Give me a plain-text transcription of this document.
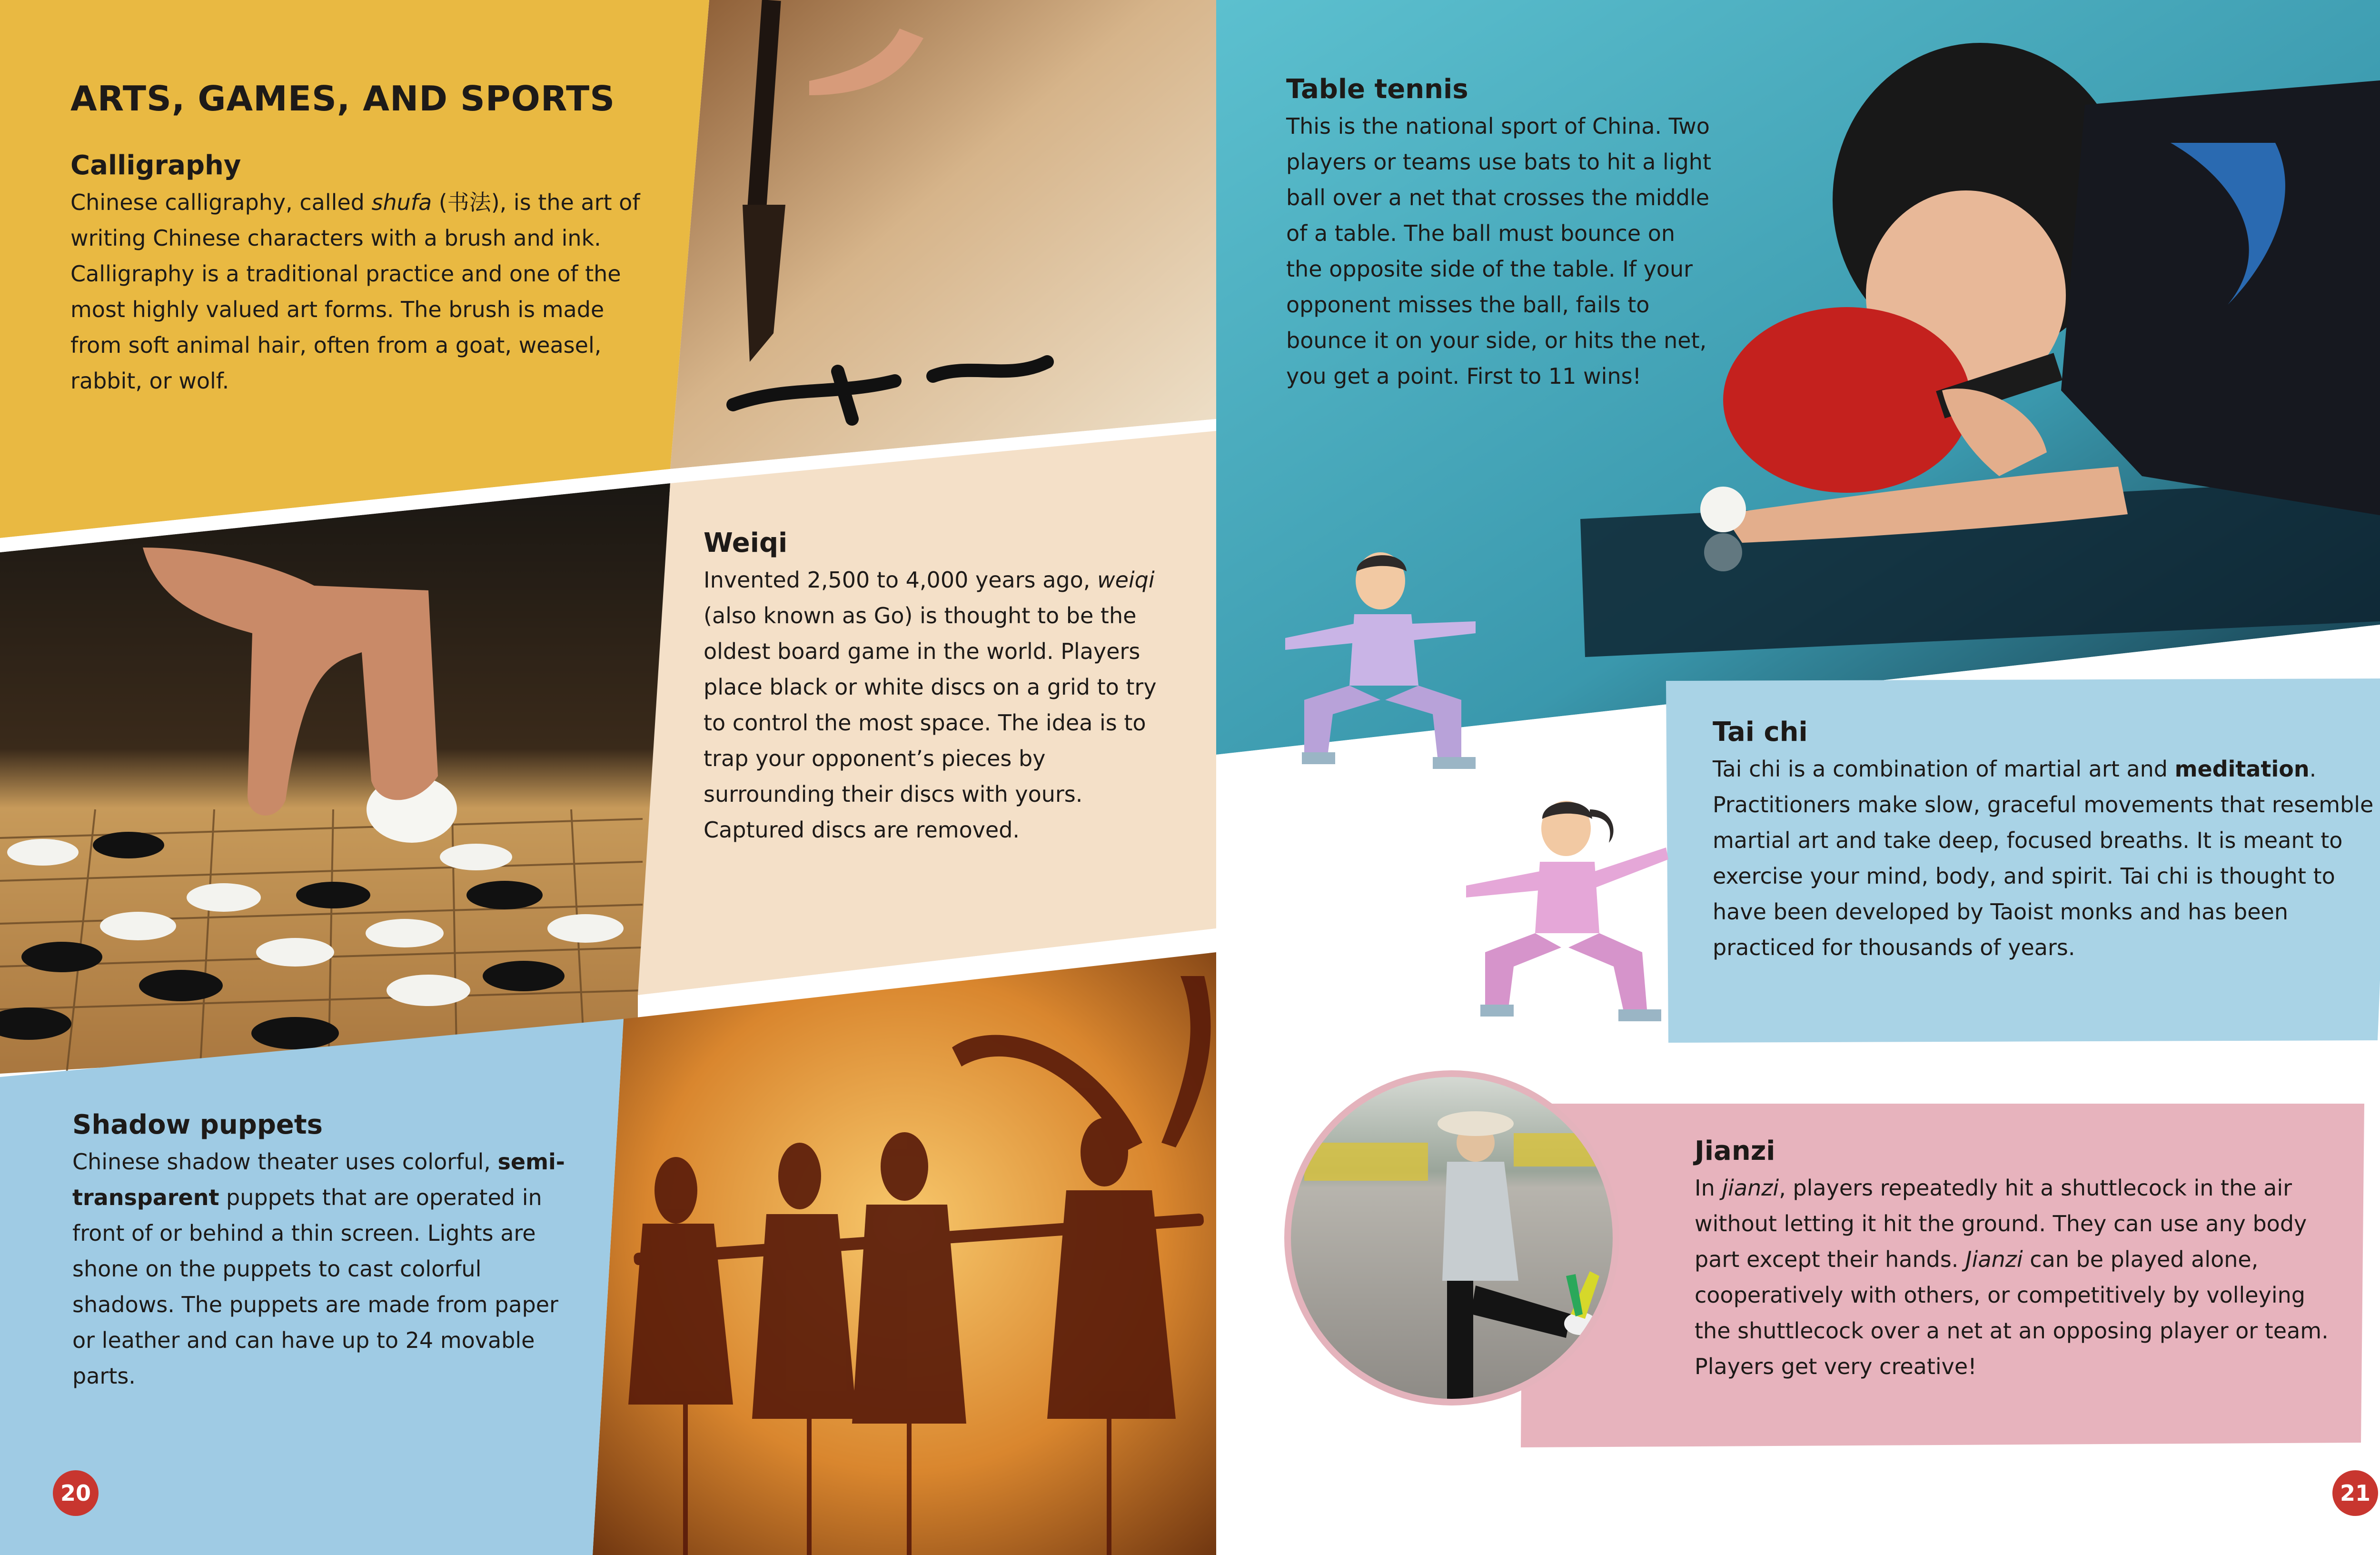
ARTS, GAMES, AND SPORTS
Calligraphy

Chinese calligraphy, called shufa (书法), is the art of writing Chinese characters with a brush and ink. Calligraphy is a traditional practice and one of the most highly valued art forms. The brush is made from soft animal hair, often from a goat, weasel, rabbit, or wolf.

Weiqi

Invented 2,500 to 4,000 years ago, weiqi (also known as Go) is thought to be the oldest board game in the world. Players place black or white discs on a grid to try to control the most space. The idea is to trap your opponent’s pieces by surrounding their discs with yours. Captured discs are removed.

Shadow puppets

Chinese shadow theater uses colorful, semi-transparent puppets that are operated in front of or behind a thin screen. Lights are shone on the puppets to cast colorful shadows. The puppets are made from paper or leather and can have up to 24 movable parts.

Table tennis

This is the national sport of China. Two players or teams use bats to hit a light ball over a net that crosses the middle of a table. The ball must bounce on the opposite side of the table. If your opponent misses the ball, fails to bounce it on your side, or hits the net, you get a point. First to 11 wins!

Tai chi

Tai chi is a combination of martial art and meditation. Practitioners make slow, graceful movements that resemble martial art and take deep, focused breaths. It is meant to exercise your mind, body, and spirit. Tai chi is thought to have been developed by Taoist monks and has been practiced for thousands of years.

Jianzi

In jianzi, players repeatedly hit a shuttlecock in the air without letting it hit the ground. They can use any body part except their hands. Jianzi can be played alone, cooperatively with others, or competitively by volleying the shuttlecock over a net at an opposing player or team. Players get very creative!

20	21
